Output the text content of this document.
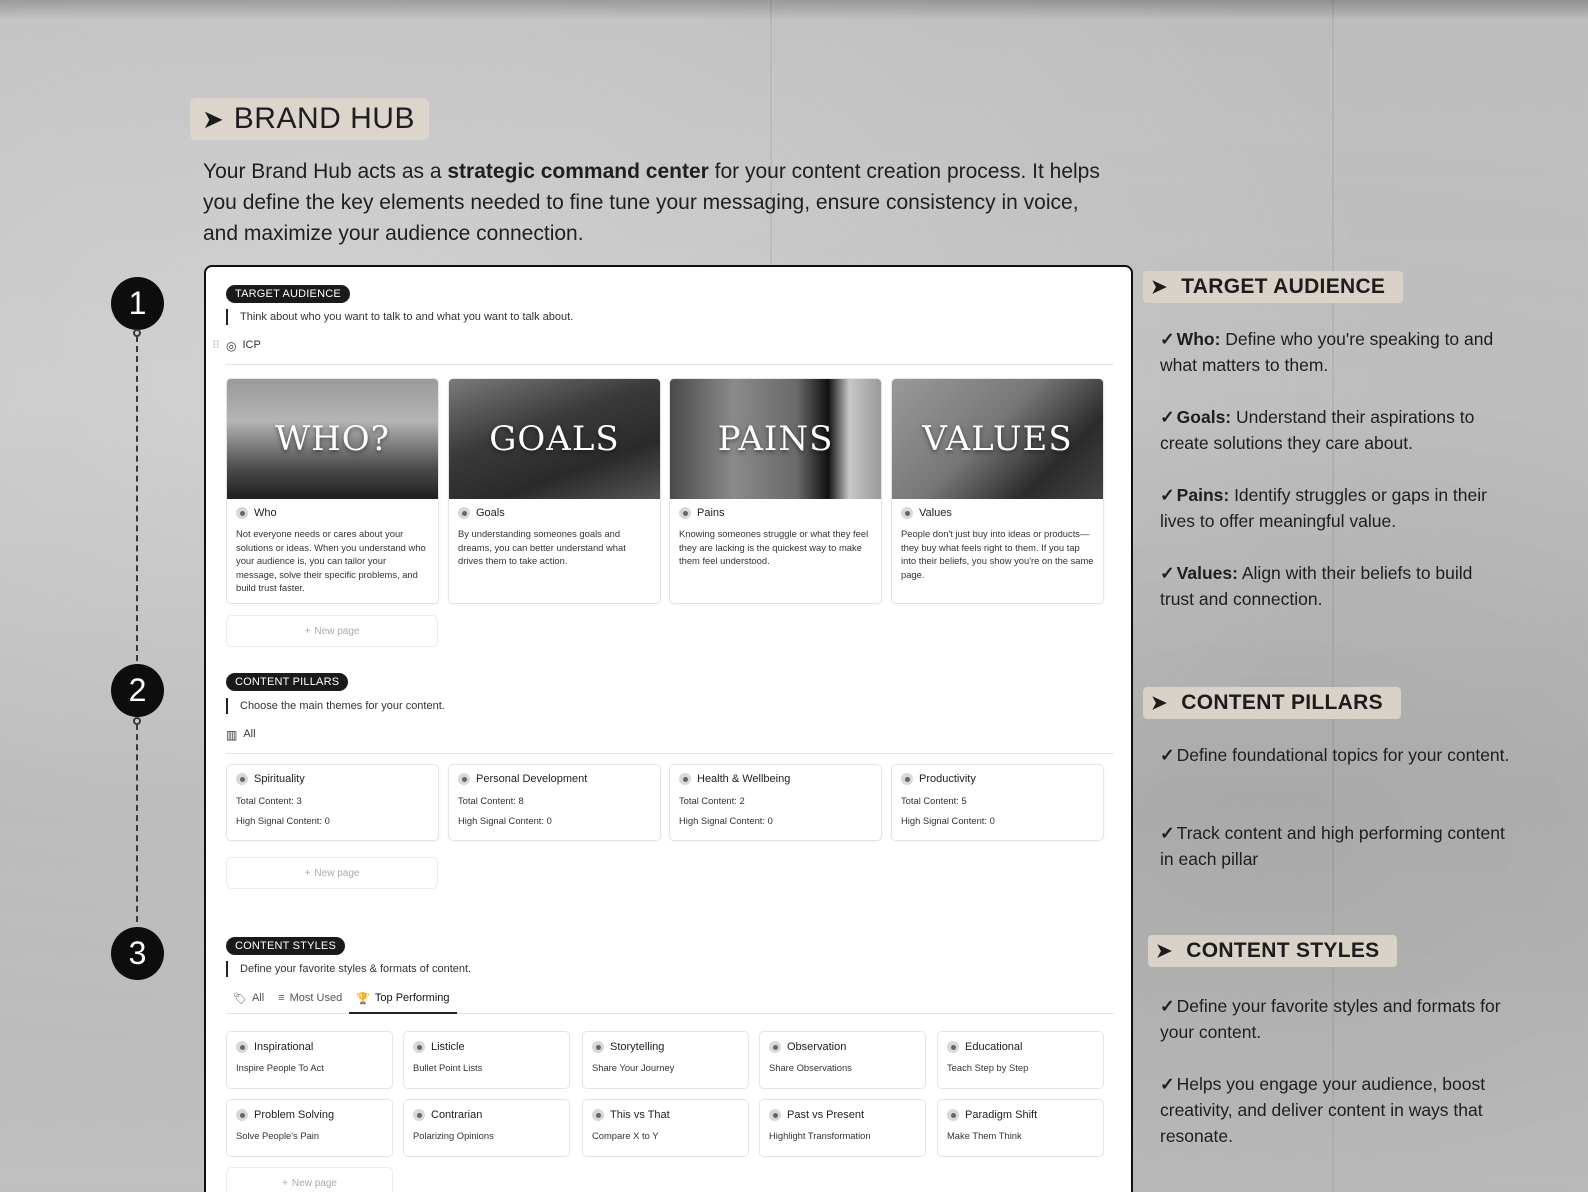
➤ BRAND HUB
Your Brand Hub acts as a strategic command center for your content creation process. It helps you define the key elements needed to fine tune your messaging, ensure consistency in voice, and maximize your audience connection.
1
2
3
TARGET AUDIENCE
Think about who you want to talk to and what you want to talk about.
⠿ ◎ ICP
WHO?
Who
Not everyone needs or cares about your solutions or ideas. When you understand who your audience is, you can tailor your message, solve their specific problems, and build trust faster.
GOALS
Goals
By understanding someones goals and dreams, you can better understand what drives them to take action.
PAINS
Pains
Knowing someones struggle or what they feel they are lacking is the quickest way to make them feel understood.
VALUES
Values
People don't just buy into ideas or products—they buy what feels right to them. If you tap into their beliefs, you show you're on the same page.
+ New page
CONTENT PILLARS
Choose the main themes for your content.
▥ All
Spirituality
Total Content: 3
High Signal Content: 0
Personal Development
Total Content: 8
High Signal Content: 0
Health & Wellbeing
Total Content: 2
High Signal Content: 0
Productivity
Total Content: 5
High Signal Content: 0
+ New page
CONTENT STYLES
Define your favorite styles & formats of content.
🏷 All ≡ Most Used 🏆 Top Performing
Inspirational
Inspire People To Act
Listicle
Bullet Point Lists
Storytelling
Share Your Journey
Observation
Share Observations
Educational
Teach Step by Step
Problem Solving
Solve People's Pain
Contrarian
Polarizing Opinions
This vs That
Compare X to Y
Past vs Present
Highlight Transformation
Paradigm Shift
Make Them Think
+ New page
➤ TARGET AUDIENCE
✓ Who: Define who you're speaking to and what matters to them.
✓ Goals: Understand their aspirations to create solutions they care about.
✓ Pains: Identify struggles or gaps in their lives to offer meaningful value.
✓ Values: Align with their beliefs to build trust and connection.
➤ CONTENT PILLARS
✓ Define foundational topics for your content.
✓ Track content and high performing content in each pillar
➤ CONTENT STYLES
✓ Define your favorite styles and formats for your content.
✓ Helps you engage your audience, boost creativity, and deliver content in ways that resonate.
